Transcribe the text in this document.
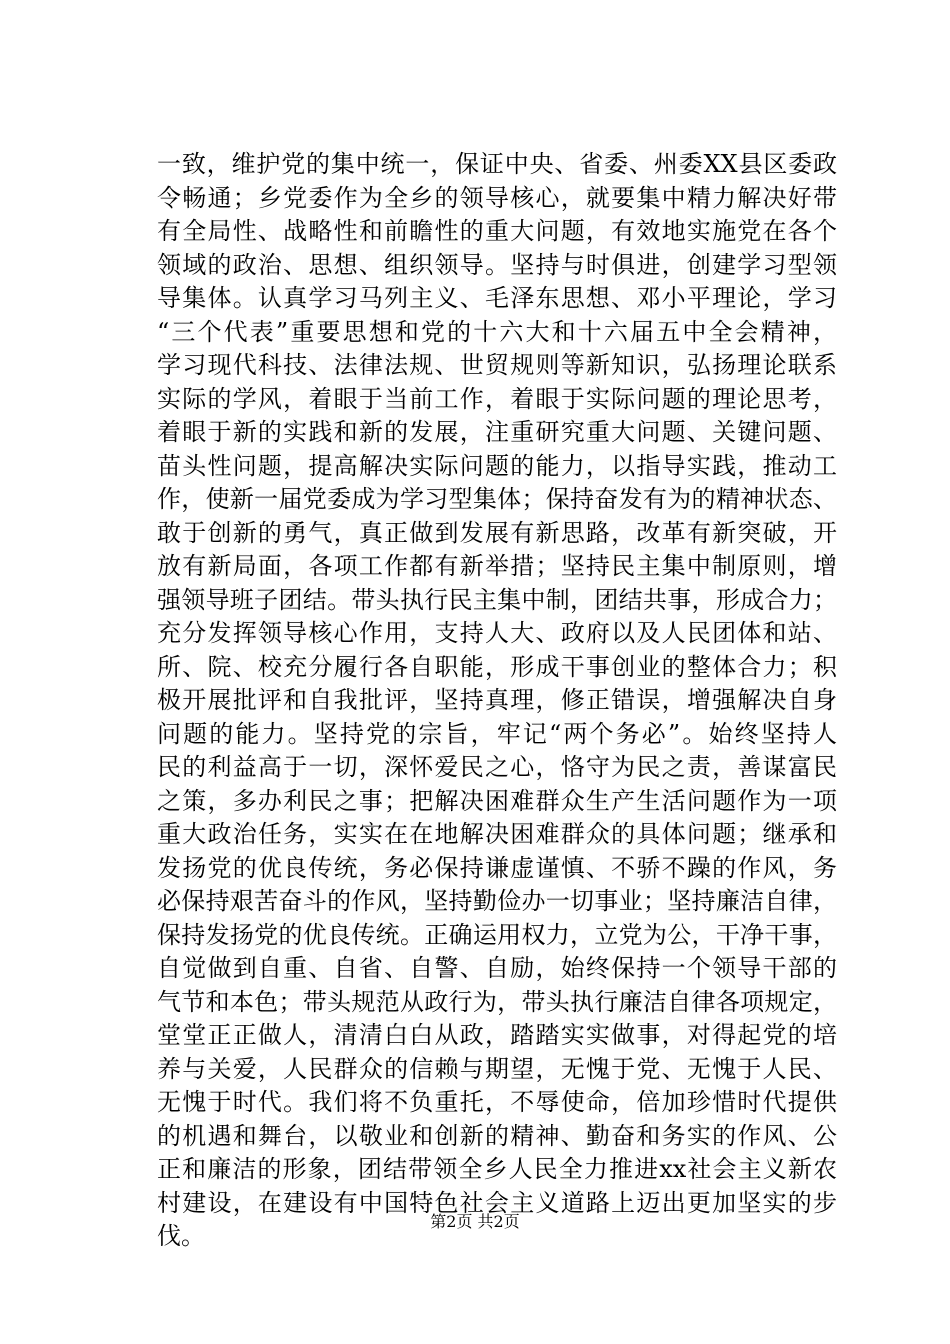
一致，维护党的集中统一，保证中央、省委、州委XX县区委政
令畅通；乡党委作为全乡的领导核心，就要集中精力解决好带
有全局性、战略性和前瞻性的重大问题，有效地实施党在各个
领域的政治、思想、组织领导。坚持与时俱进，创建学习型领
导集体。认真学习马列主义、毛泽东思想、邓小平理论，学习
“三个代表”重要思想和党的十六大和十六届五中全会精神，
学习现代科技、法律法规、世贸规则等新知识，弘扬理论联系
实际的学风，着眼于当前工作，着眼于实际问题的理论思考，
着眼于新的实践和新的发展，注重研究重大问题、关键问题、
苗头性问题，提高解决实际问题的能力，以指导实践，推动工
作，使新一届党委成为学习型集体；保持奋发有为的精神状态、
敢于创新的勇气，真正做到发展有新思路，改革有新突破，开
放有新局面，各项工作都有新举措；坚持民主集中制原则，增
强领导班子团结。带头执行民主集中制，团结共事，形成合力；
充分发挥领导核心作用，支持人大、政府以及人民团体和站、
所、院、校充分履行各自职能，形成干事创业的整体合力；积
极开展批评和自我批评，坚持真理，修正错误，增强解决自身
问题的能力。坚持党的宗旨，牢记“两个务必”。始终坚持人
民的利益高于一切，深怀爱民之心，恪守为民之责，善谋富民
之策，多办利民之事；把解决困难群众生产生活问题作为一项
重大政治任务，实实在在地解决困难群众的具体问题；继承和
发扬党的优良传统，务必保持谦虚谨慎、不骄不躁的作风，务
必保持艰苦奋斗的作风，坚持勤俭办一切事业；坚持廉洁自律，
保持发扬党的优良传统。正确运用权力，立党为公，干净干事，
自觉做到自重、自省、自警、自励，始终保持一个领导干部的
气节和本色；带头规范从政行为，带头执行廉洁自律各项规定，
堂堂正正做人，清清白白从政，踏踏实实做事，对得起党的培
养与关爱，人民群众的信赖与期望，无愧于党、无愧于人民、
无愧于时代。我们将不负重托，不辱使命，倍加珍惜时代提供
的机遇和舞台，以敬业和创新的精神、勤奋和务实的作风、公
正和廉洁的形象，团结带领全乡人民全力推进xx社会主义新农
村建设，在建设有中国特色社会主义道路上迈出更加坚实的步
伐。
第2页 共2页
